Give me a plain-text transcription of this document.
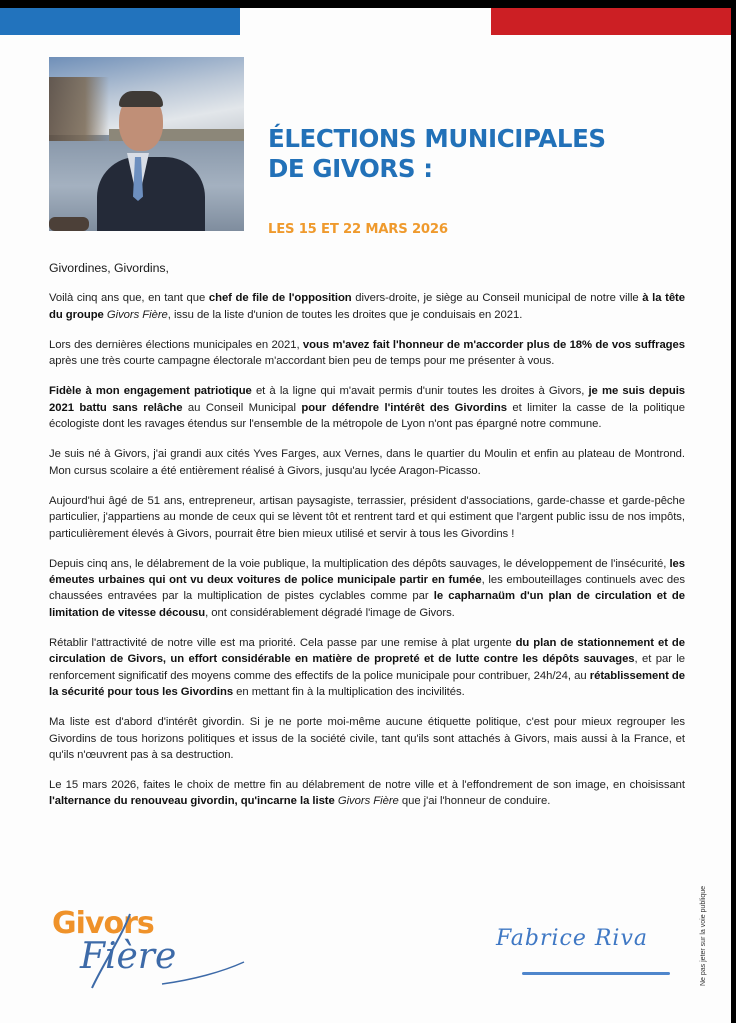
ÉLECTIONS MUNICIPALES
DE GIVORS :
LES 15 ET 22 MARS 2026
Givordines, Givordins,

Voilà cinq ans que, en tant que chef de file de l'opposition divers-droite, je siège au Conseil municipal de notre ville à la tête du groupe Givors Fière, issu de la liste d'union de toutes les droites que je conduisais en 2021.

Lors des dernières élections municipales en 2021, vous m'avez fait l'honneur de m'accorder plus de 18% de vos suffrages après une très courte campagne électorale m'accordant bien peu de temps pour me présenter à vous.

Fidèle à mon engagement patriotique et à la ligne qui m'avait permis d'unir toutes les droites à Givors, je me suis depuis 2021 battu sans relâche au Conseil Municipal pour défendre l'intérêt des Givordins et limiter la casse de la politique écologiste dont les ravages étendus sur l'ensemble de la métropole de Lyon n'ont pas épargné notre commune.

Je suis né à Givors, j'ai grandi aux cités Yves Farges, aux Vernes, dans le quartier du Moulin et enfin au plateau de Montrond. Mon cursus scolaire a été entièrement réalisé à Givors, jusqu'au lycée Aragon-Picasso.

Aujourd'hui âgé de 51 ans, entrepreneur, artisan paysagiste, terrassier, président d'associations, garde-chasse et garde-pêche particulier, j'appartiens au monde de ceux qui se lèvent tôt et rentrent tard et qui estiment que l'argent public issu de nos impôts, particulièrement élevés à Givors, pourrait être bien mieux utilisé et servir à tous les Givordins !

Depuis cinq ans, le délabrement de la voie publique, la multiplication des dépôts sauvages, le développement de l'insécurité, les émeutes urbaines qui ont vu deux voitures de police municipale partir en fumée, les embouteillages continuels avec des chaussées entravées par la multiplication de pistes cyclables comme par le capharnaüm d'un plan de circulation et de limitation de vitesse décousu, ont considérablement dégradé l'image de Givors.

Rétablir l'attractivité de notre ville est ma priorité. Cela passe par une remise à plat urgente du plan de stationnement et de circulation de Givors, un effort considérable en matière de propreté et de lutte contre les dépôts sauvages, et par le renforcement significatif des moyens comme des effectifs de la police municipale pour contribuer, 24h/24, au rétablissement de la sécurité pour tous les Givordins en mettant fin à la multiplication des incivilités.

Ma liste est d'abord d'intérêt givordin. Si je ne porte moi-même aucune étiquette politique, c'est pour mieux regrouper les Givordins de tous horizons politiques et issus de la société civile, tant qu'ils sont attachés à Givors, mais aussi à la France, et qu'ils n'œuvrent pas à sa destruction.

Le 15 mars 2026, faites le choix de mettre fin au délabrement de notre ville et à l'effondrement de son image, en choisissant l'alternance du renouveau givordin, qu'incarne la liste Givors Fière que j'ai l'honneur de conduire.

Givors
Fière	Fabrice Riva	Ne pas jeter sur la voie publique
